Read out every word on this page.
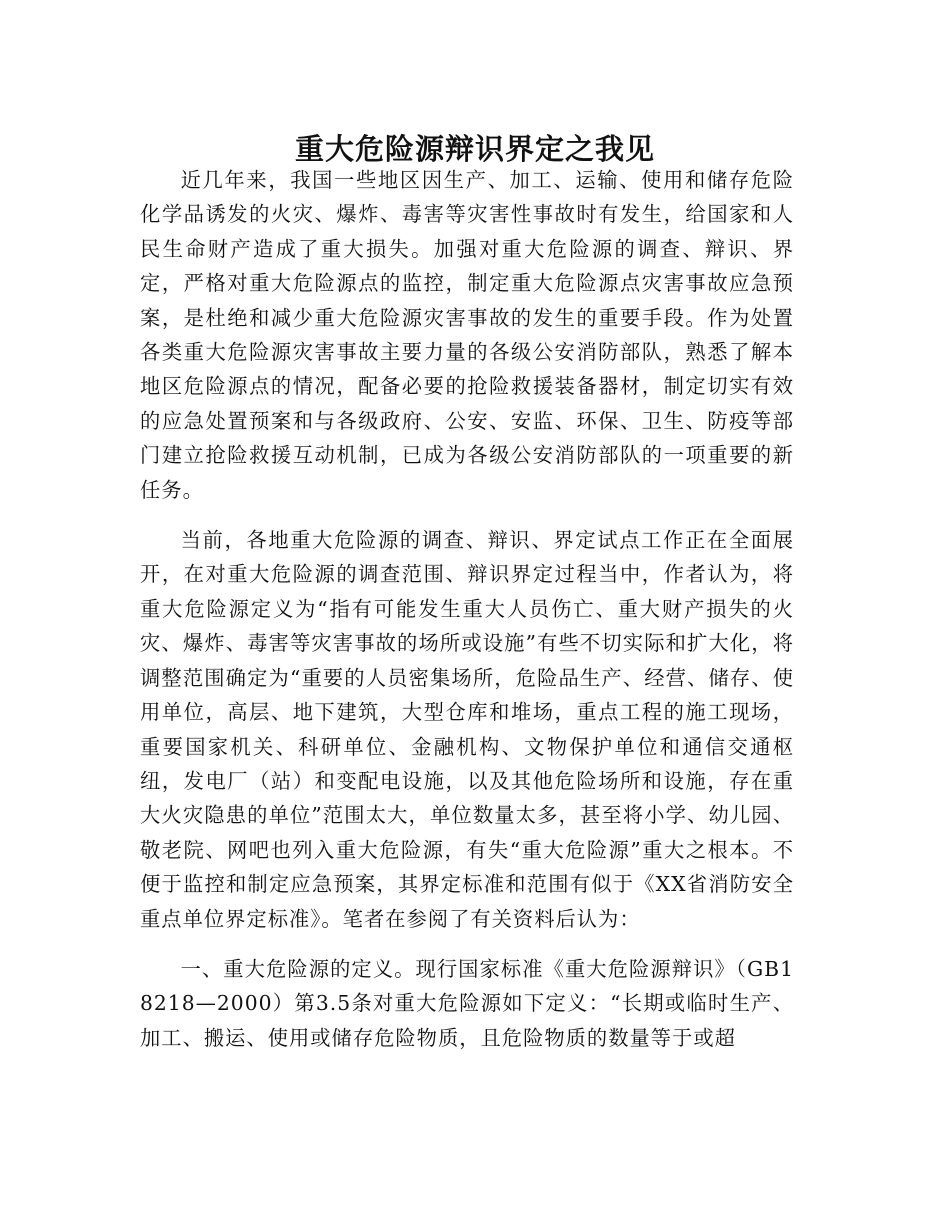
重大危险源辩识界定之我见

近几年来，我国一些地区因生产、加工、运输、使用和储存危险化学品诱发的火灾、爆炸、毒害等灾害性事故时有发生，给国家和人民生命财产造成了重大损失。加强对重大危险源的调查、辩识、界定，严格对重大危险源点的监控，制定重大危险源点灾害事故应急预案，是杜绝和减少重大危险源灾害事故的发生的重要手段。作为处置各类重大危险源灾害事故主要力量的各级公安消防部队，熟悉了解本地区危险源点的情况，配备必要的抢险救援装备器材，制定切实有效的应急处置预案和与各级政府、公安、安监、环保、卫生、防疫等部门建立抢险救援互动机制，已成为各级公安消防部队的一项重要的新任务。

当前，各地重大危险源的调查、辩识、界定试点工作正在全面展开，在对重大危险源的调查范围、辩识界定过程当中，作者认为，将重大危险源定义为“指有可能发生重大人员伤亡、重大财产损失的火灾、爆炸、毒害等灾害事故的场所或设施”有些不切实际和扩大化，将调整范围确定为“重要的人员密集场所，危险品生产、经营、储存、使用单位，高层、地下建筑，大型仓库和堆场，重点工程的施工现场，重要国家机关、科研单位、金融机构、文物保护单位和通信交通枢纽，发电厂（站）和变配电设施，以及其他危险场所和设施，存在重大火灾隐患的单位”范围太大，单位数量太多，甚至将小学、幼儿园、敬老院、网吧也列入重大危险源，有失“重大危险源”重大之根本。不便于监控和制定应急预案，其界定标准和范围有似于《XX省消防安全重点单位界定标准》。笔者在参阅了有关资料后认为：

一、重大危险源的定义。现行国家标准《重大危险源辩识》（GB18218—2000）第3.5条对重大危险源如下定义：“长期或临时生产、加工、搬运、使用或储存危险物质，且危险物质的数量等于或超
